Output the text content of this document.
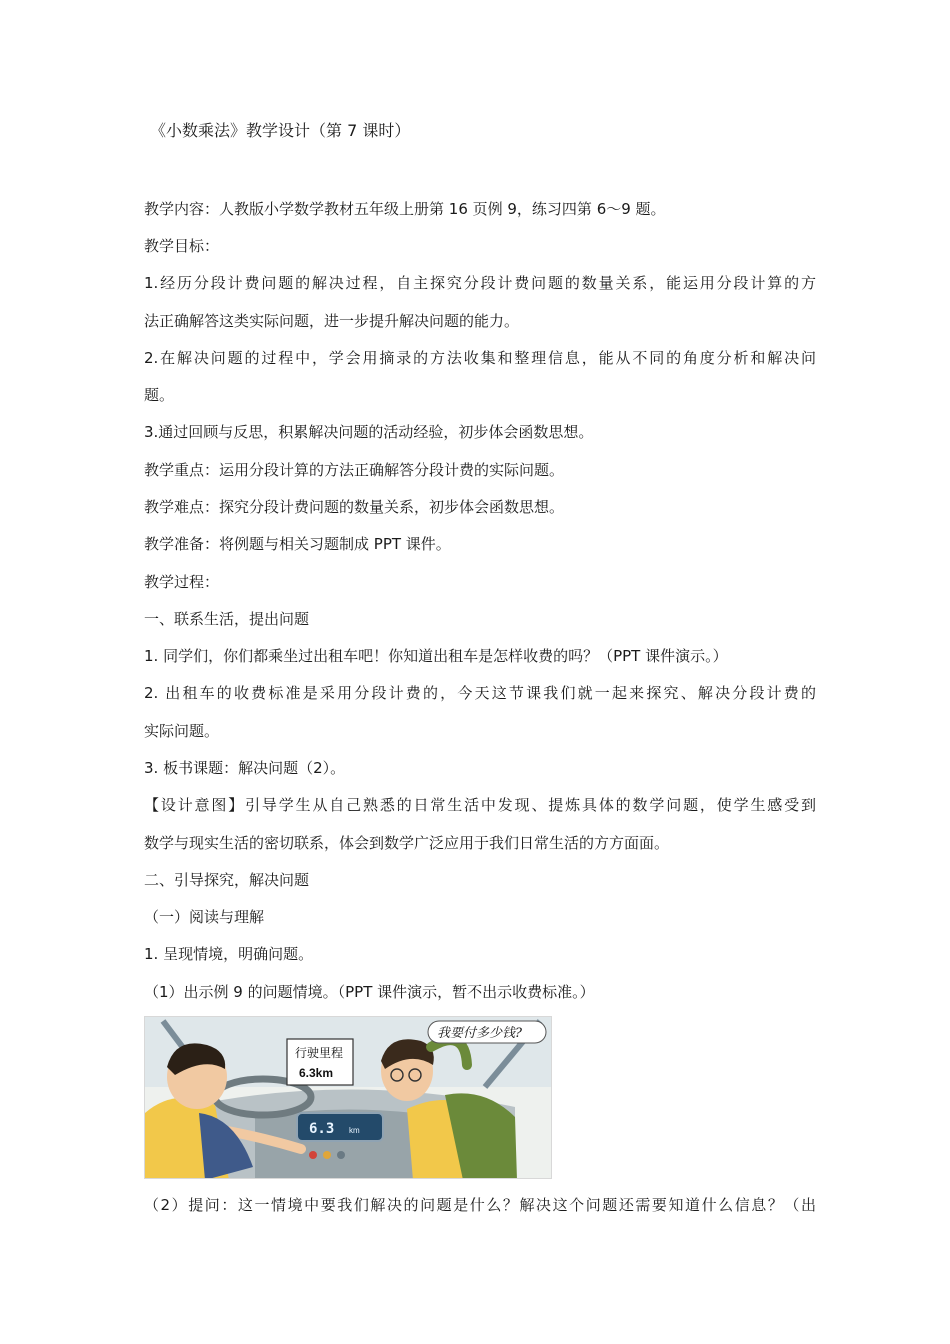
《小数乘法》教学设计（第 7 课时）
教学内容：人教版小学数学教材五年级上册第 16 页例 9，练习四第 6～9 题。
教学目标：
1.经历分段计费问题的解决过程，自主探究分段计费问题的数量关系，能运用分段计算的方
法正确解答这类实际问题，进一步提升解决问题的能力。
2.在解决问题的过程中，学会用摘录的方法收集和整理信息，能从不同的角度分析和解决问
题。
3.通过回顾与反思，积累解决问题的活动经验，初步体会函数思想。
教学重点：运用分段计算的方法正确解答分段计费的实际问题。
教学难点：探究分段计费问题的数量关系，初步体会函数思想。
教学准备：将例题与相关习题制成 PPT 课件。
教学过程：
一、联系生活，提出问题
1. 同学们，你们都乘坐过出租车吧！你知道出租车是怎样收费的吗？（PPT 课件演示。）
2. 出租车的收费标准是采用分段计费的，今天这节课我们就一起来探究、解决分段计费的
实际问题。
3. 板书课题：解决问题（2）。
【设计意图】引导学生从自己熟悉的日常生活中发现、提炼具体的数学问题，使学生感受到
数学与现实生活的密切联系，体会到数学广泛应用于我们日常生活的方方面面。
二、引导探究，解决问题
（一）阅读与理解
1. 呈现情境，明确问题。
（1）出示例 9 的问题情境。（PPT 课件演示，暂不出示收费标准。）
6.3 km
行驶里程
6.3km
我要付多少钱?
（2）提问：这一情境中要我们解决的问题是什么？解决这个问题还需要知道什么信息？（出
